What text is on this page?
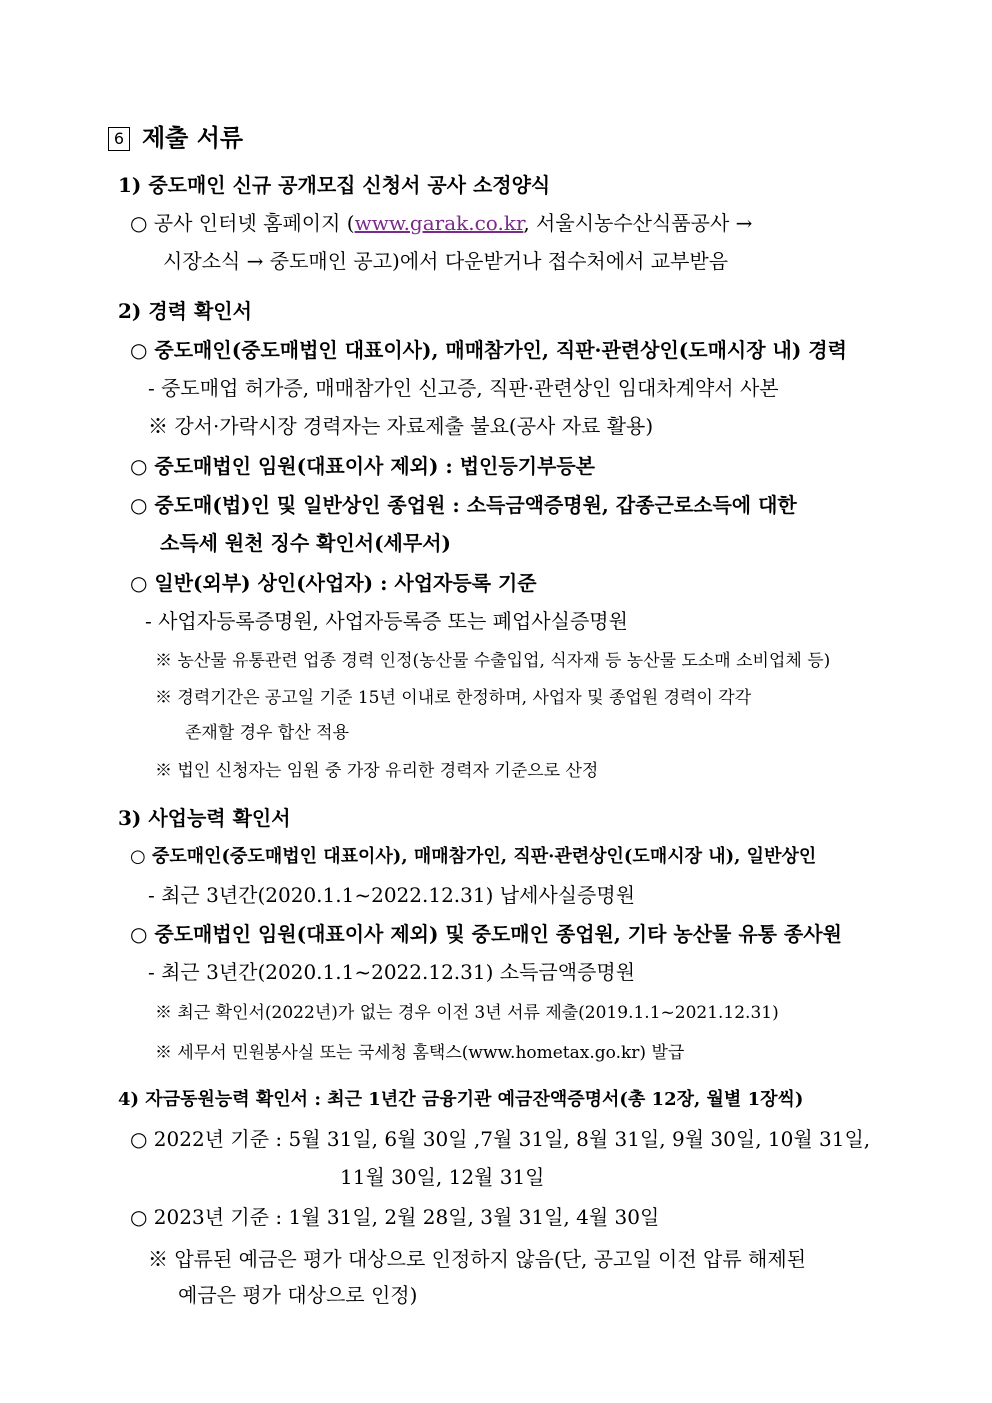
6 제출 서류
1) 중도매인 신규 공개모집 신청서 공사 소정양식
○ 공사 인터넷 홈페이지 (www.garak.co.kr, 서울시농수산식품공사 →
시장소식 → 중도매인 공고)에서 다운받거나 접수처에서 교부받음
2) 경력 확인서
○ 중도매인(중도매법인 대표이사), 매매참가인, 직판·관련상인(도매시장 내) 경력
- 중도매업 허가증, 매매참가인 신고증, 직판·관련상인 임대차계약서 사본
※ 강서·가락시장 경력자는 자료제출 불요(공사 자료 활용)
○ 중도매법인 임원(대표이사 제외) : 법인등기부등본
○ 중도매(법)인 및 일반상인 종업원 : 소득금액증명원, 갑종근로소득에 대한
소득세 원천 징수 확인서(세무서)
○ 일반(외부) 상인(사업자) : 사업자등록 기준
- 사업자등록증명원, 사업자등록증 또는 폐업사실증명원
※ 농산물 유통관련 업종 경력 인정(농산물 수출입업, 식자재 등 농산물 도소매 소비업체 등)
※ 경력기간은 공고일 기준 15년 이내로 한정하며, 사업자 및 종업원 경력이 각각
존재할 경우 합산 적용
※ 법인 신청자는 임원 중 가장 유리한 경력자 기준으로 산정
3) 사업능력 확인서
○ 중도매인(중도매법인 대표이사), 매매참가인, 직판·관련상인(도매시장 내), 일반상인
- 최근 3년간(2020.1.1~2022.12.31) 납세사실증명원
○ 중도매법인 임원(대표이사 제외) 및 중도매인 종업원, 기타 농산물 유통 종사원
- 최근 3년간(2020.1.1~2022.12.31) 소득금액증명원
※ 최근 확인서(2022년)가 없는 경우 이전 3년 서류 제출(2019.1.1~2021.12.31)
※ 세무서 민원봉사실 또는 국세청 홈택스(www.hometax.go.kr) 발급
4) 자금동원능력 확인서 : 최근 1년간 금융기관 예금잔액증명서(총 12장, 월별 1장씩)
○ 2022년 기준 : 5월 31일, 6월 30일 ,7월 31일, 8월 31일, 9월 30일, 10월 31일,
11월 30일, 12월 31일
○ 2023년 기준 : 1월 31일, 2월 28일, 3월 31일, 4월 30일
※ 압류된 예금은 평가 대상으로 인정하지 않음(단, 공고일 이전 압류 해제된
예금은 평가 대상으로 인정)
